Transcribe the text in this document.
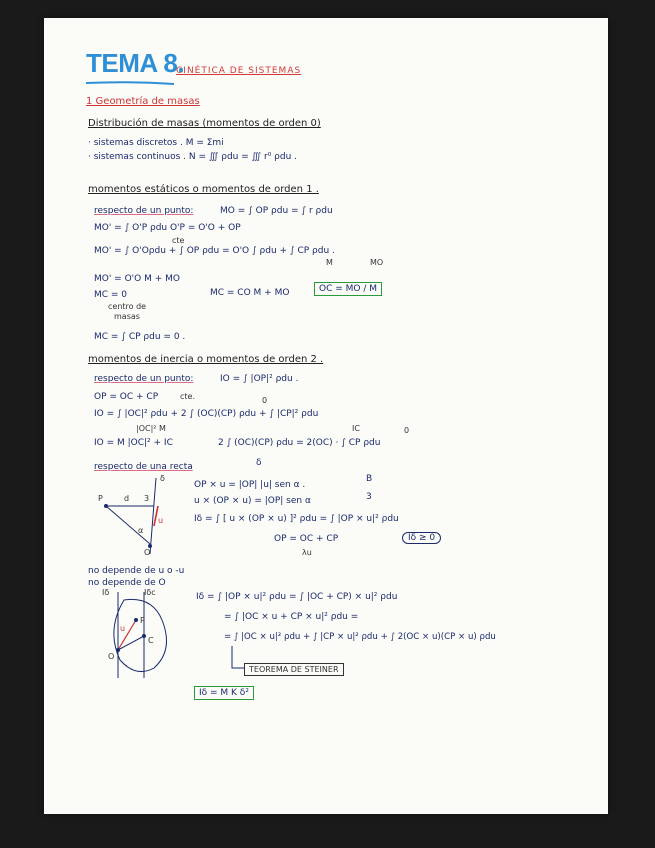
TEMA 8.
CINÉTICA DE SISTEMAS
1 Geometría de masas
Distribución de masas (momentos de orden 0)
· sistemas discretos . M = Σmi
· sistemas continuos . N = ∭ ρdu = ∭ r⁰ ρdu .
momentos estáticos o momentos de orden 1 .
respecto de un punto:	MO = ∫ OP ρdu = ∫ r ρdu
MO' = ∫ O'P ρdu O'P = O'O + OP
cte
MO' = ∫ O'Oρdu + ∫ OP ρdu = O'O ∫ ρdu + ∫ CP ρdu .
M	MO
MO' = O'O M + MO
MC = 0
centro de
masas
MC = CO M + MO	OC = MO / M
MC = ∫ CP ρdu = 0 .
momentos de inercia o momentos de orden 2 .
respecto de un punto:	IO = ∫ |OP|² ρdu .
OP = OC + CP	cte.	0
IO = ∫ |OC|² ρdu + 2 ∫ (OC)(CP) ρdu + ∫ |CP|² ρdu
|OC|² M	IC	0
IO = M |OC|² + IC	2 ∫ (OC)(CP) ρdu = 2(OC) · ∫ CP ρdu
respecto de una recta	δ
P	d 3
α
u
O
δ
OP × u = |OP| |u| sen α .
B
u × (OP × u) = |OP| sen α	3
Iδ = ∫ [ u × (OP × u) ]² ρdu = ∫ |OP × u|² ρdu
OP = OC + CP
λu
Iδ ≥ 0
no depende de u o -u
no depende de O
Iδ	Iδc
P
C
O
u
Iδ = ∫ |OP × u|² ρdu = ∫ |OC + CP) × u|² ρdu
= ∫ |OC × u + CP × u|² ρdu =
= ∫ |OC × u|² ρdu + ∫ |CP × u|² ρdu + ∫ 2(OC × u)(CP × u) ρdu
TEOREMA DE STEINER
Iδ = M K δ²
